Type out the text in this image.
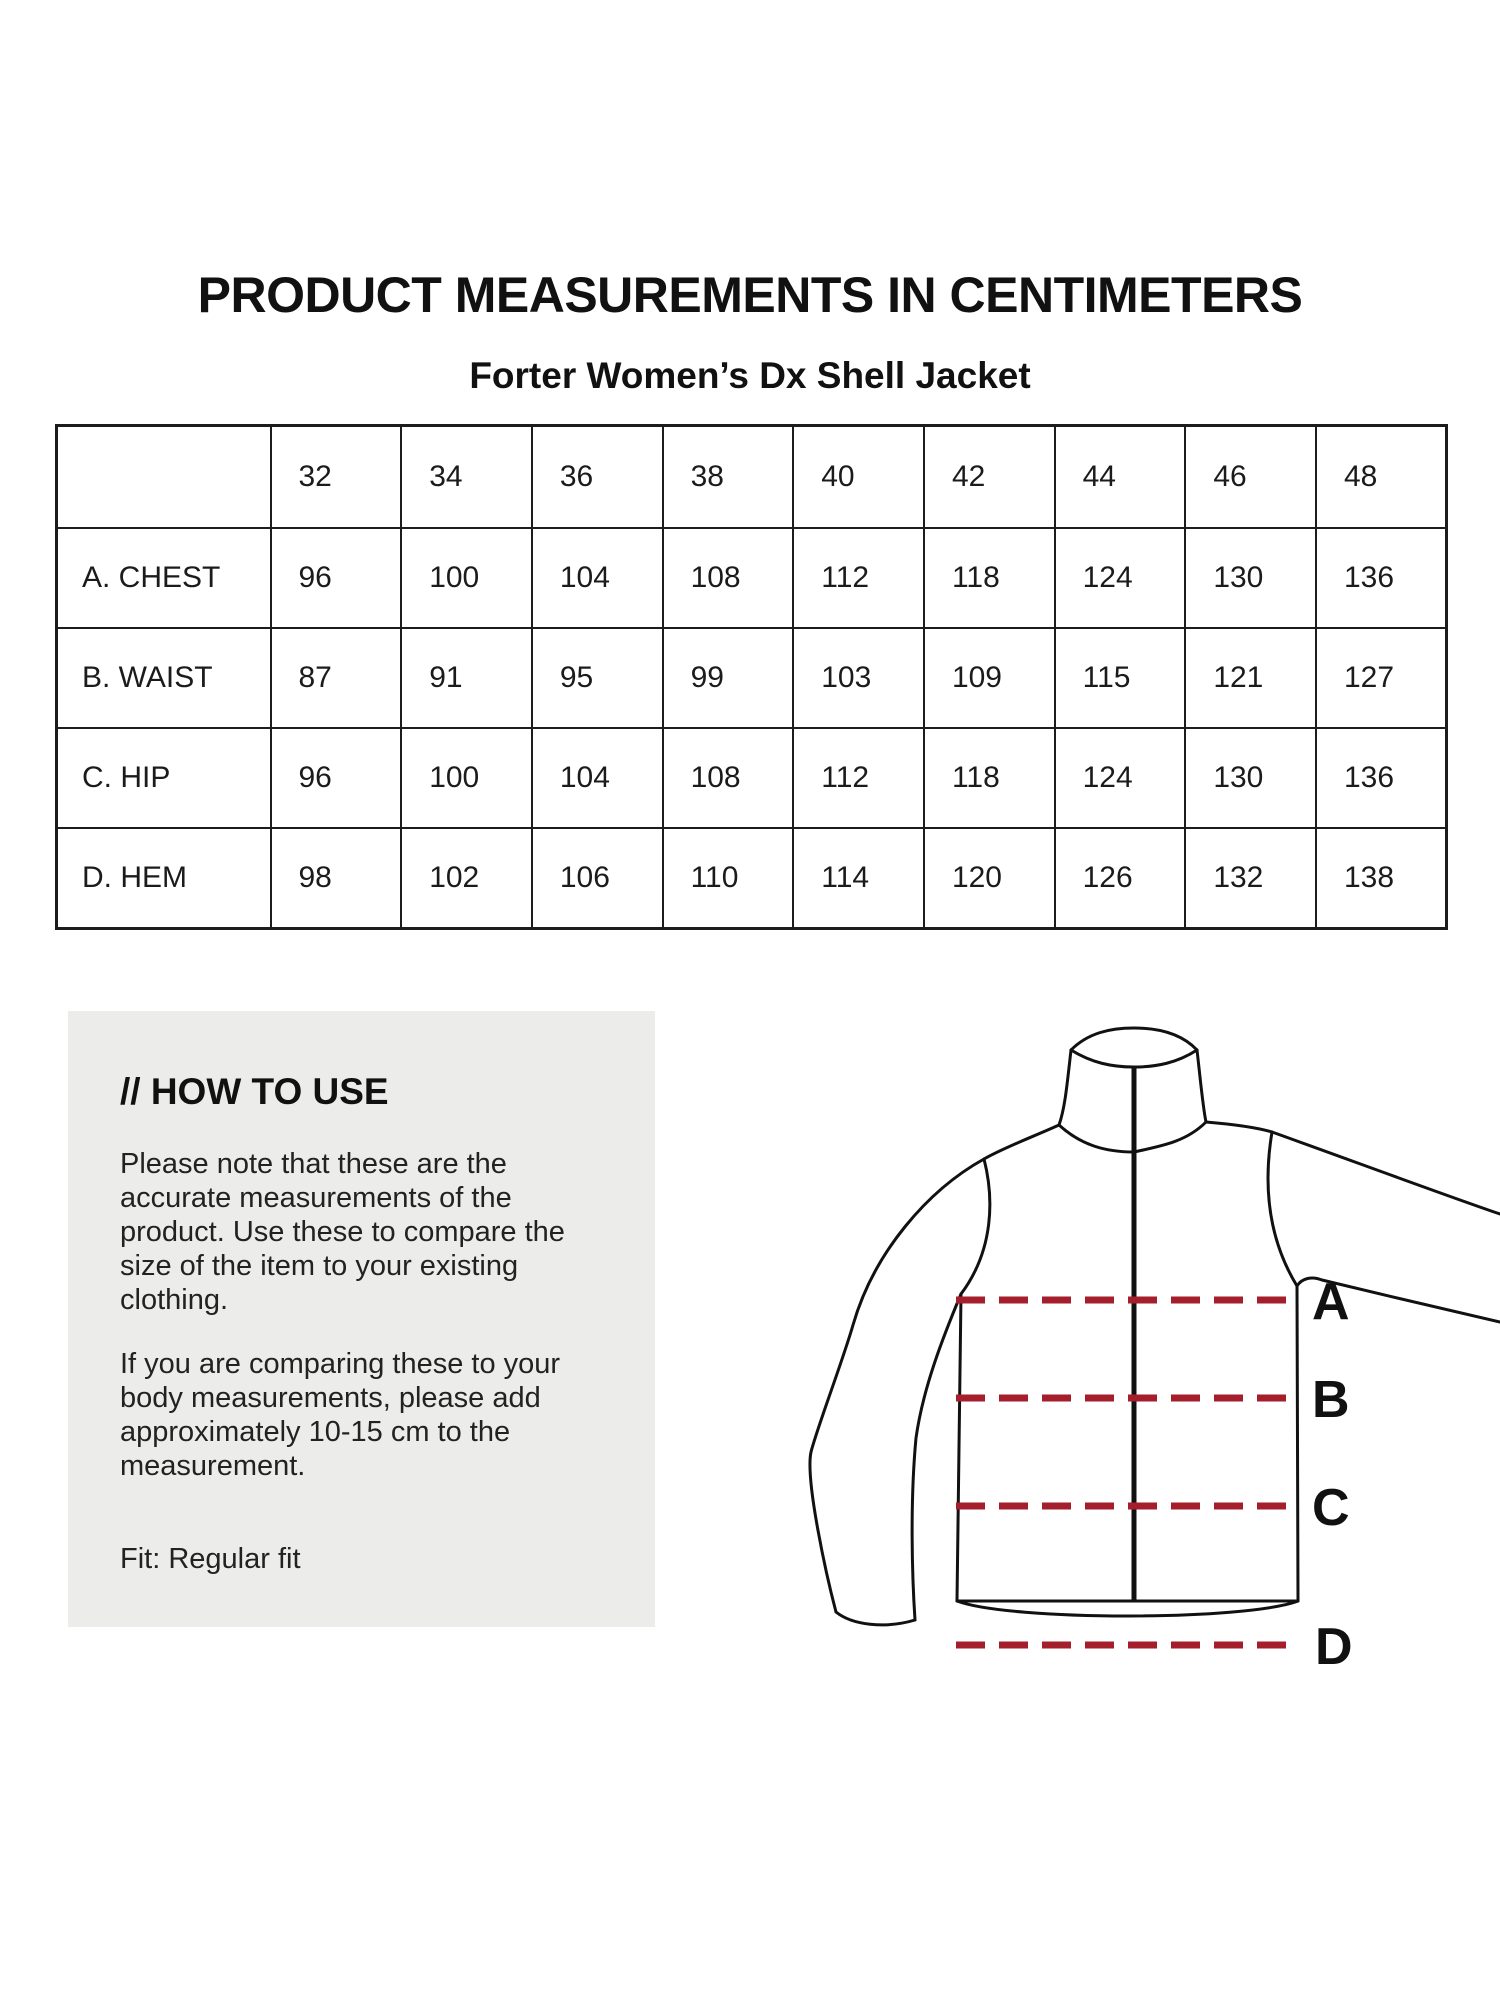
PRODUCT MEASUREMENTS IN CENTIMETERS
Forter Women’s Dx Shell Jacket
	32	34	36	38	40	42	44	46	48
A. CHEST	96	100	104	108	112	118	124	130	136
B. WAIST	87	91	95	99	103	109	115	121	127
C. HIP	96	100	104	108	112	118	124	130	136
D. HEM	98	102	106	110	114	120	126	132	138
// HOW TO USE

Please note that these are the accurate measurements of the product. Use these to compare the size of the item to your existing clothing.

If you are comparing these to your body measurements, please add approximately 10-15 cm to the measurement.

Fit: Regular fit

A
B
C
D
